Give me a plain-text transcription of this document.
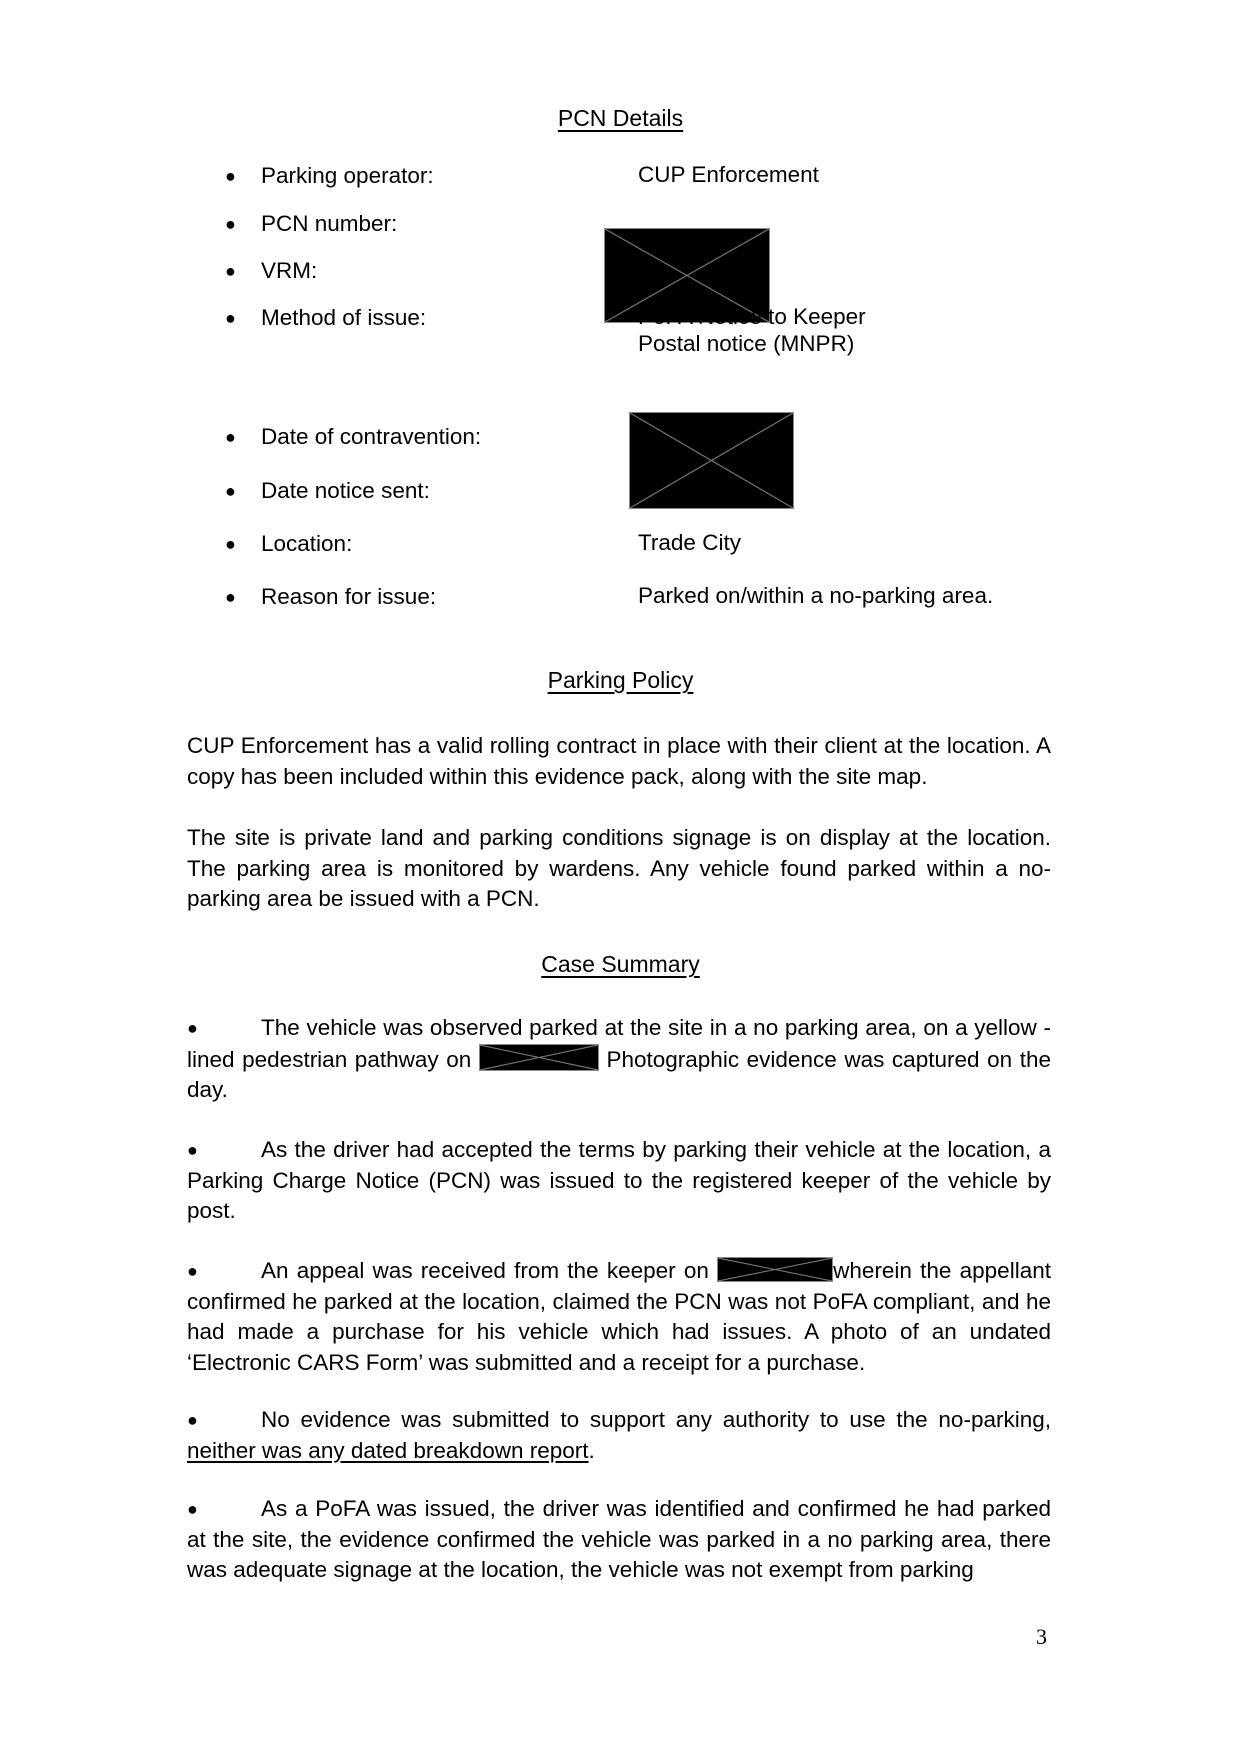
PCN Details
● Parking operator:	CUP Enforcement
● PCN number:
● VRM:
● Method of issue:	PoFA Notice to Keeper
Postal notice (MNPR)
● Date of contravention:
● Date notice sent:
● Location:	Trade City
● Reason for issue:	Parked on/within a no-parking area.
Parking Policy
CUP Enforcement has a valid rolling contract in place with their client at the location. A copy has been included within this evidence pack, along with the site map.
The site is private land and parking conditions signage is on display at the location. The parking area is monitored by wardens. Any vehicle found parked within a no-parking area be issued with a PCN.
Case Summary
●	The vehicle was observed parked at the site in a no parking area, on a yellow -lined pedestrian pathway on	Photographic evidence was captured on the day.
●	As the driver had accepted the terms by parking their vehicle at the location, a Parking Charge Notice (PCN) was issued to the registered keeper of the vehicle by post.
●	An appeal was received from the keeper on	wherein the appellant confirmed he parked at the location, claimed the PCN was not PoFA compliant, and he had made a purchase for his vehicle which had issues. A photo of an undated ‘Electronic CARS Form’ was submitted and a receipt for a purchase.
●	No evidence was submitted to support any authority to use the no-parking, neither was any dated breakdown report.
●	As a PoFA was issued, the driver was identified and confirmed he had parked at the site, the evidence confirmed the vehicle was parked in a no parking area, there was adequate signage at the location, the vehicle was not exempt from parking
3
